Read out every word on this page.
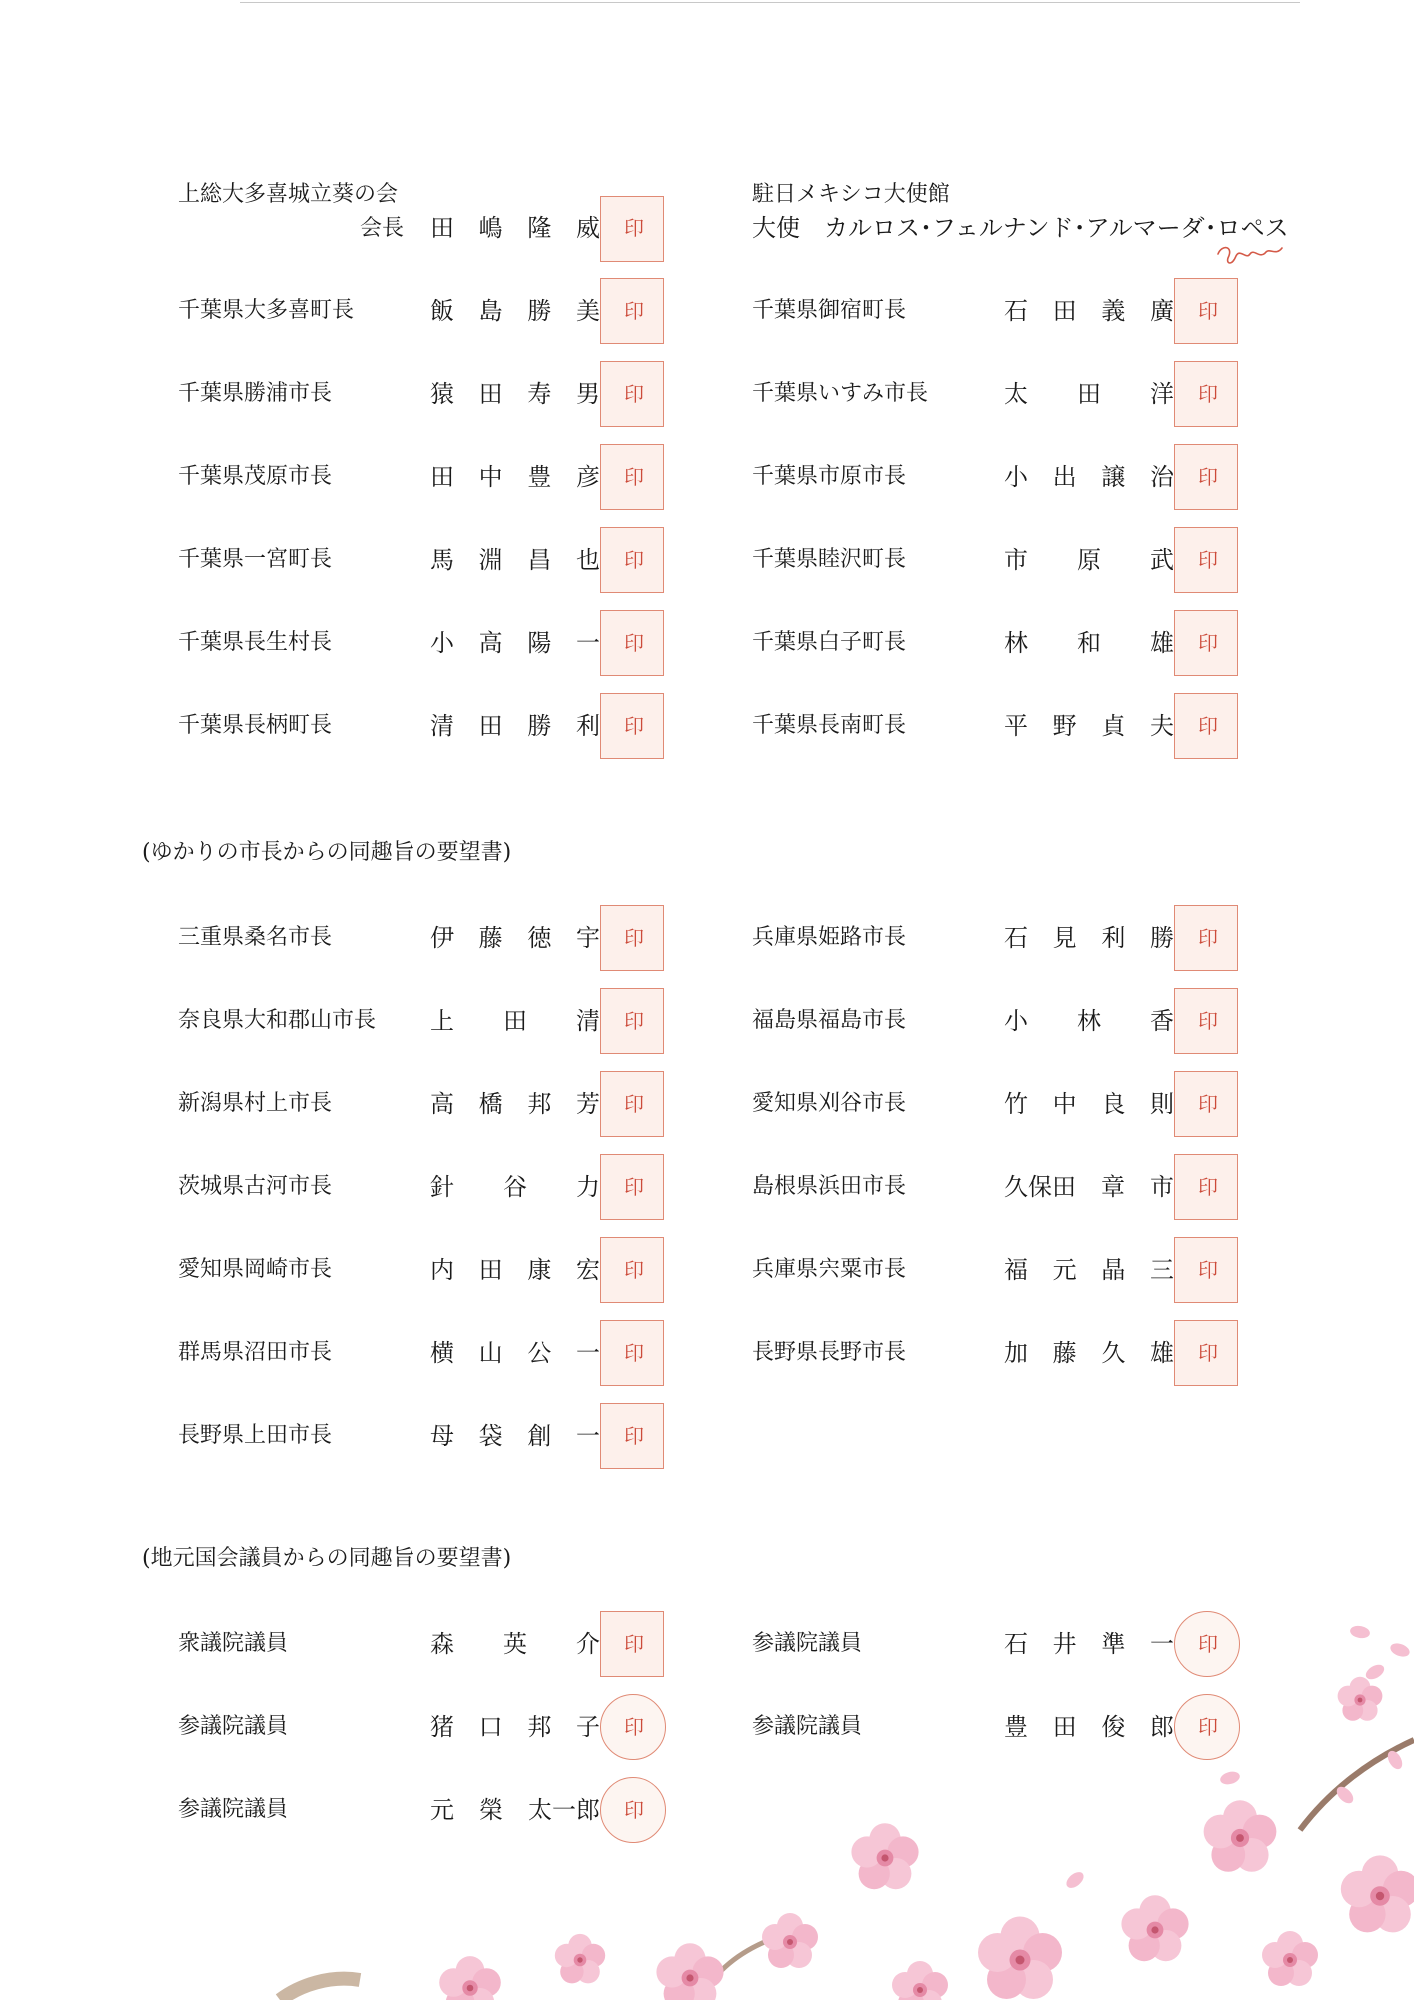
上総大多喜城立葵の会
会長 田 嶋 隆 威 印
駐日メキシコ大使館
大使　カルロス･フェルナンド･アルマーダ･ロペス
(ゆかりの市長からの同趣旨の要望書)
(地元国会議員からの同趣旨の要望書)
千葉県大多喜町長	飯 島 勝 美 印
千葉県勝浦市長	猿 田 寿 男 印
千葉県茂原市長	田 中 豊 彦 印
千葉県一宮町長	馬 淵 昌 也 印
千葉県長生村長	小 高 陽 一 印
千葉県長柄町長	清 田 勝 利 印
千葉県御宿町長	石 田 義 廣 印
千葉県いすみ市長	太 田 洋 印
千葉県市原市長	小 出 譲 治 印
千葉県睦沢町長	市 原 武 印
千葉県白子町長	林 和 雄 印
千葉県長南町長	平 野 貞 夫 印
三重県桑名市長	伊 藤 徳 宇 印
奈良県大和郡山市長 上 田 清 印
新潟県村上市長	高 橋 邦 芳 印
茨城県古河市長	針 谷 力 印
愛知県岡崎市長	内 田 康 宏 印
群馬県沼田市長	横 山 公 一 印
長野県上田市長	母 袋 創 一 印
兵庫県姫路市長	石 見 利 勝 印
福島県福島市長	小 林 香 印
愛知県刈谷市長	竹 中 良 則 印
島根県浜田市長	久保田 章 市 印
兵庫県宍粟市長	福 元 晶 三 印
長野県長野市長	加 藤 久 雄 印
衆議院議員	森 英 介 印
参議院議員	猪 口 邦 子 印
参議院議員	元 榮 太一郎 印
参議院議員	石 井 準 一 印
参議院議員	豊 田 俊 郎 印
